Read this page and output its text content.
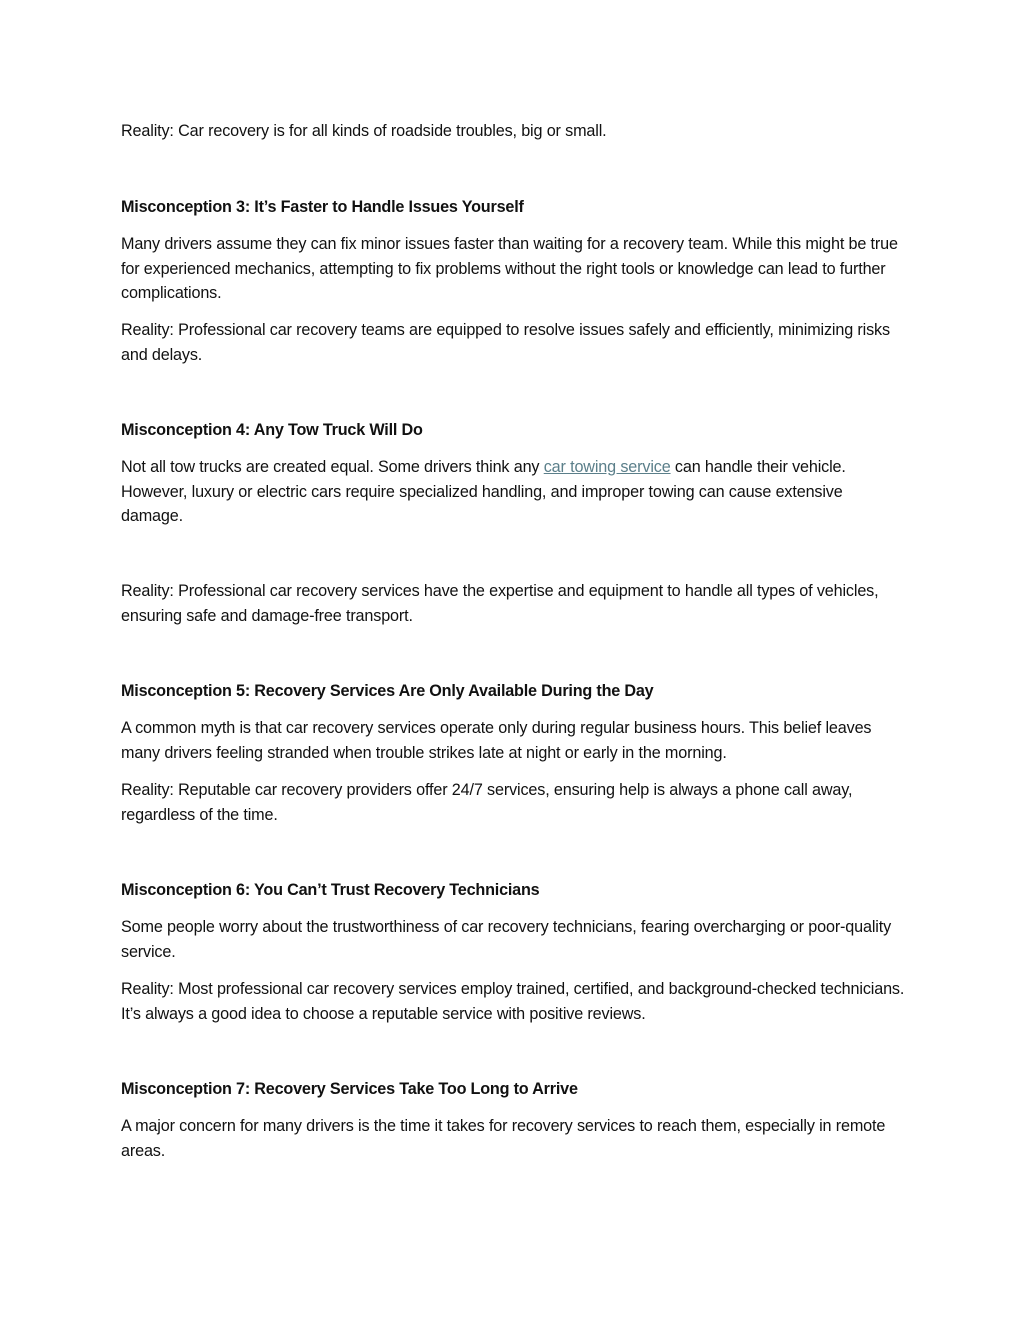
Reality: Car recovery is for all kinds of roadside troubles, big or small.

Misconception 3: It’s Faster to Handle Issues Yourself

Many drivers assume they can fix minor issues faster than waiting for a recovery team. While this might be true for experienced mechanics, attempting to fix problems without the right tools or knowledge can lead to further complications.

Reality: Professional car recovery teams are equipped to resolve issues safely and efficiently, minimizing risks and delays.

Misconception 4: Any Tow Truck Will Do

Not all tow trucks are created equal. Some drivers think any car towing service can handle their vehicle. However, luxury or electric cars require specialized handling, and improper towing can cause extensive damage.

Reality: Professional car recovery services have the expertise and equipment to handle all types of vehicles, ensuring safe and damage-free transport.

Misconception 5: Recovery Services Are Only Available During the Day

A common myth is that car recovery services operate only during regular business hours. This belief leaves many drivers feeling stranded when trouble strikes late at night or early in the morning.

Reality: Reputable car recovery providers offer 24/7 services, ensuring help is always a phone call away, regardless of the time.

Misconception 6: You Can’t Trust Recovery Technicians

Some people worry about the trustworthiness of car recovery technicians, fearing overcharging or poor-quality service.

Reality: Most professional car recovery services employ trained, certified, and background-checked technicians. It’s always a good idea to choose a reputable service with positive reviews.

Misconception 7: Recovery Services Take Too Long to Arrive

A major concern for many drivers is the time it takes for recovery services to reach them, especially in remote areas.
